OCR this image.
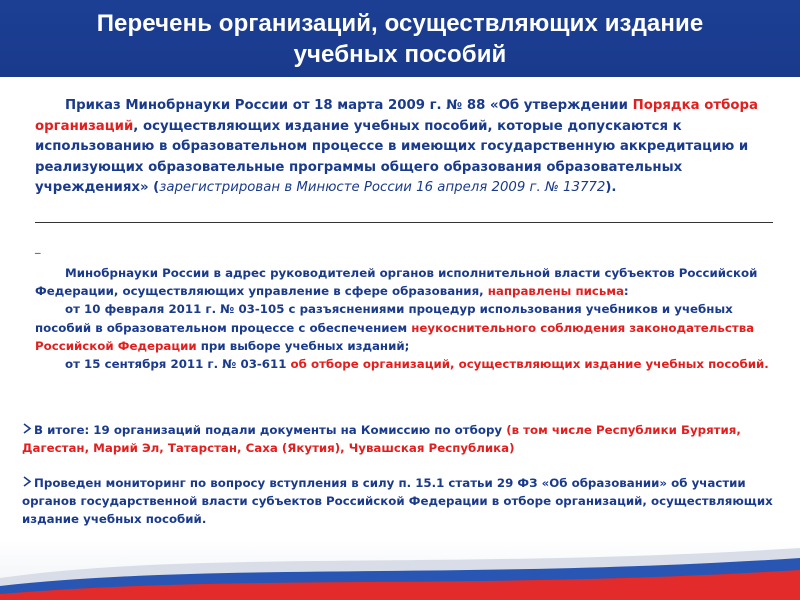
Перечень организаций, осуществляющих издание
учебных пособий

Приказ Минобрнауки России от 18 марта 2009 г. № 88 «Об утверждении Порядка отбора организаций, осуществляющих издание учебных пособий, которые допускаются к использованию в образовательном процессе в имеющих государственную аккредитацию и реализующих образовательные программы общего образования образовательных учреждениях» (зарегистрирован в Минюсте России 16 апреля 2009 г. № 13772).

_

Минобрнауки России в адрес руководителей органов исполнительной власти субъектов Российской Федерации, осуществляющих управление в сфере образования, направлены письма:
от 10 февраля 2011 г. № 03-105 с разъяснениями процедур использования учебников и учебных пособий в образовательном процессе с обеспечением неукоснительного соблюдения законодательства Российской Федерации при выборе учебных изданий;
от 15 сентября 2011 г. № 03-611 об отборе организаций, осуществляющих издание учебных пособий.

В итоге: 19 организаций подали документы на Комиссию по отбору (в том числе Республики Бурятия, Дагестан, Марий Эл, Татарстан, Саха (Якутия), Чувашская Республика)

Проведен мониторинг по вопросу вступления в силу п. 15.1 статьи 29 ФЗ «Об образовании» об участии органов государственной власти субъектов Российской Федерации в отборе организаций, осуществляющих издание учебных пособий.
